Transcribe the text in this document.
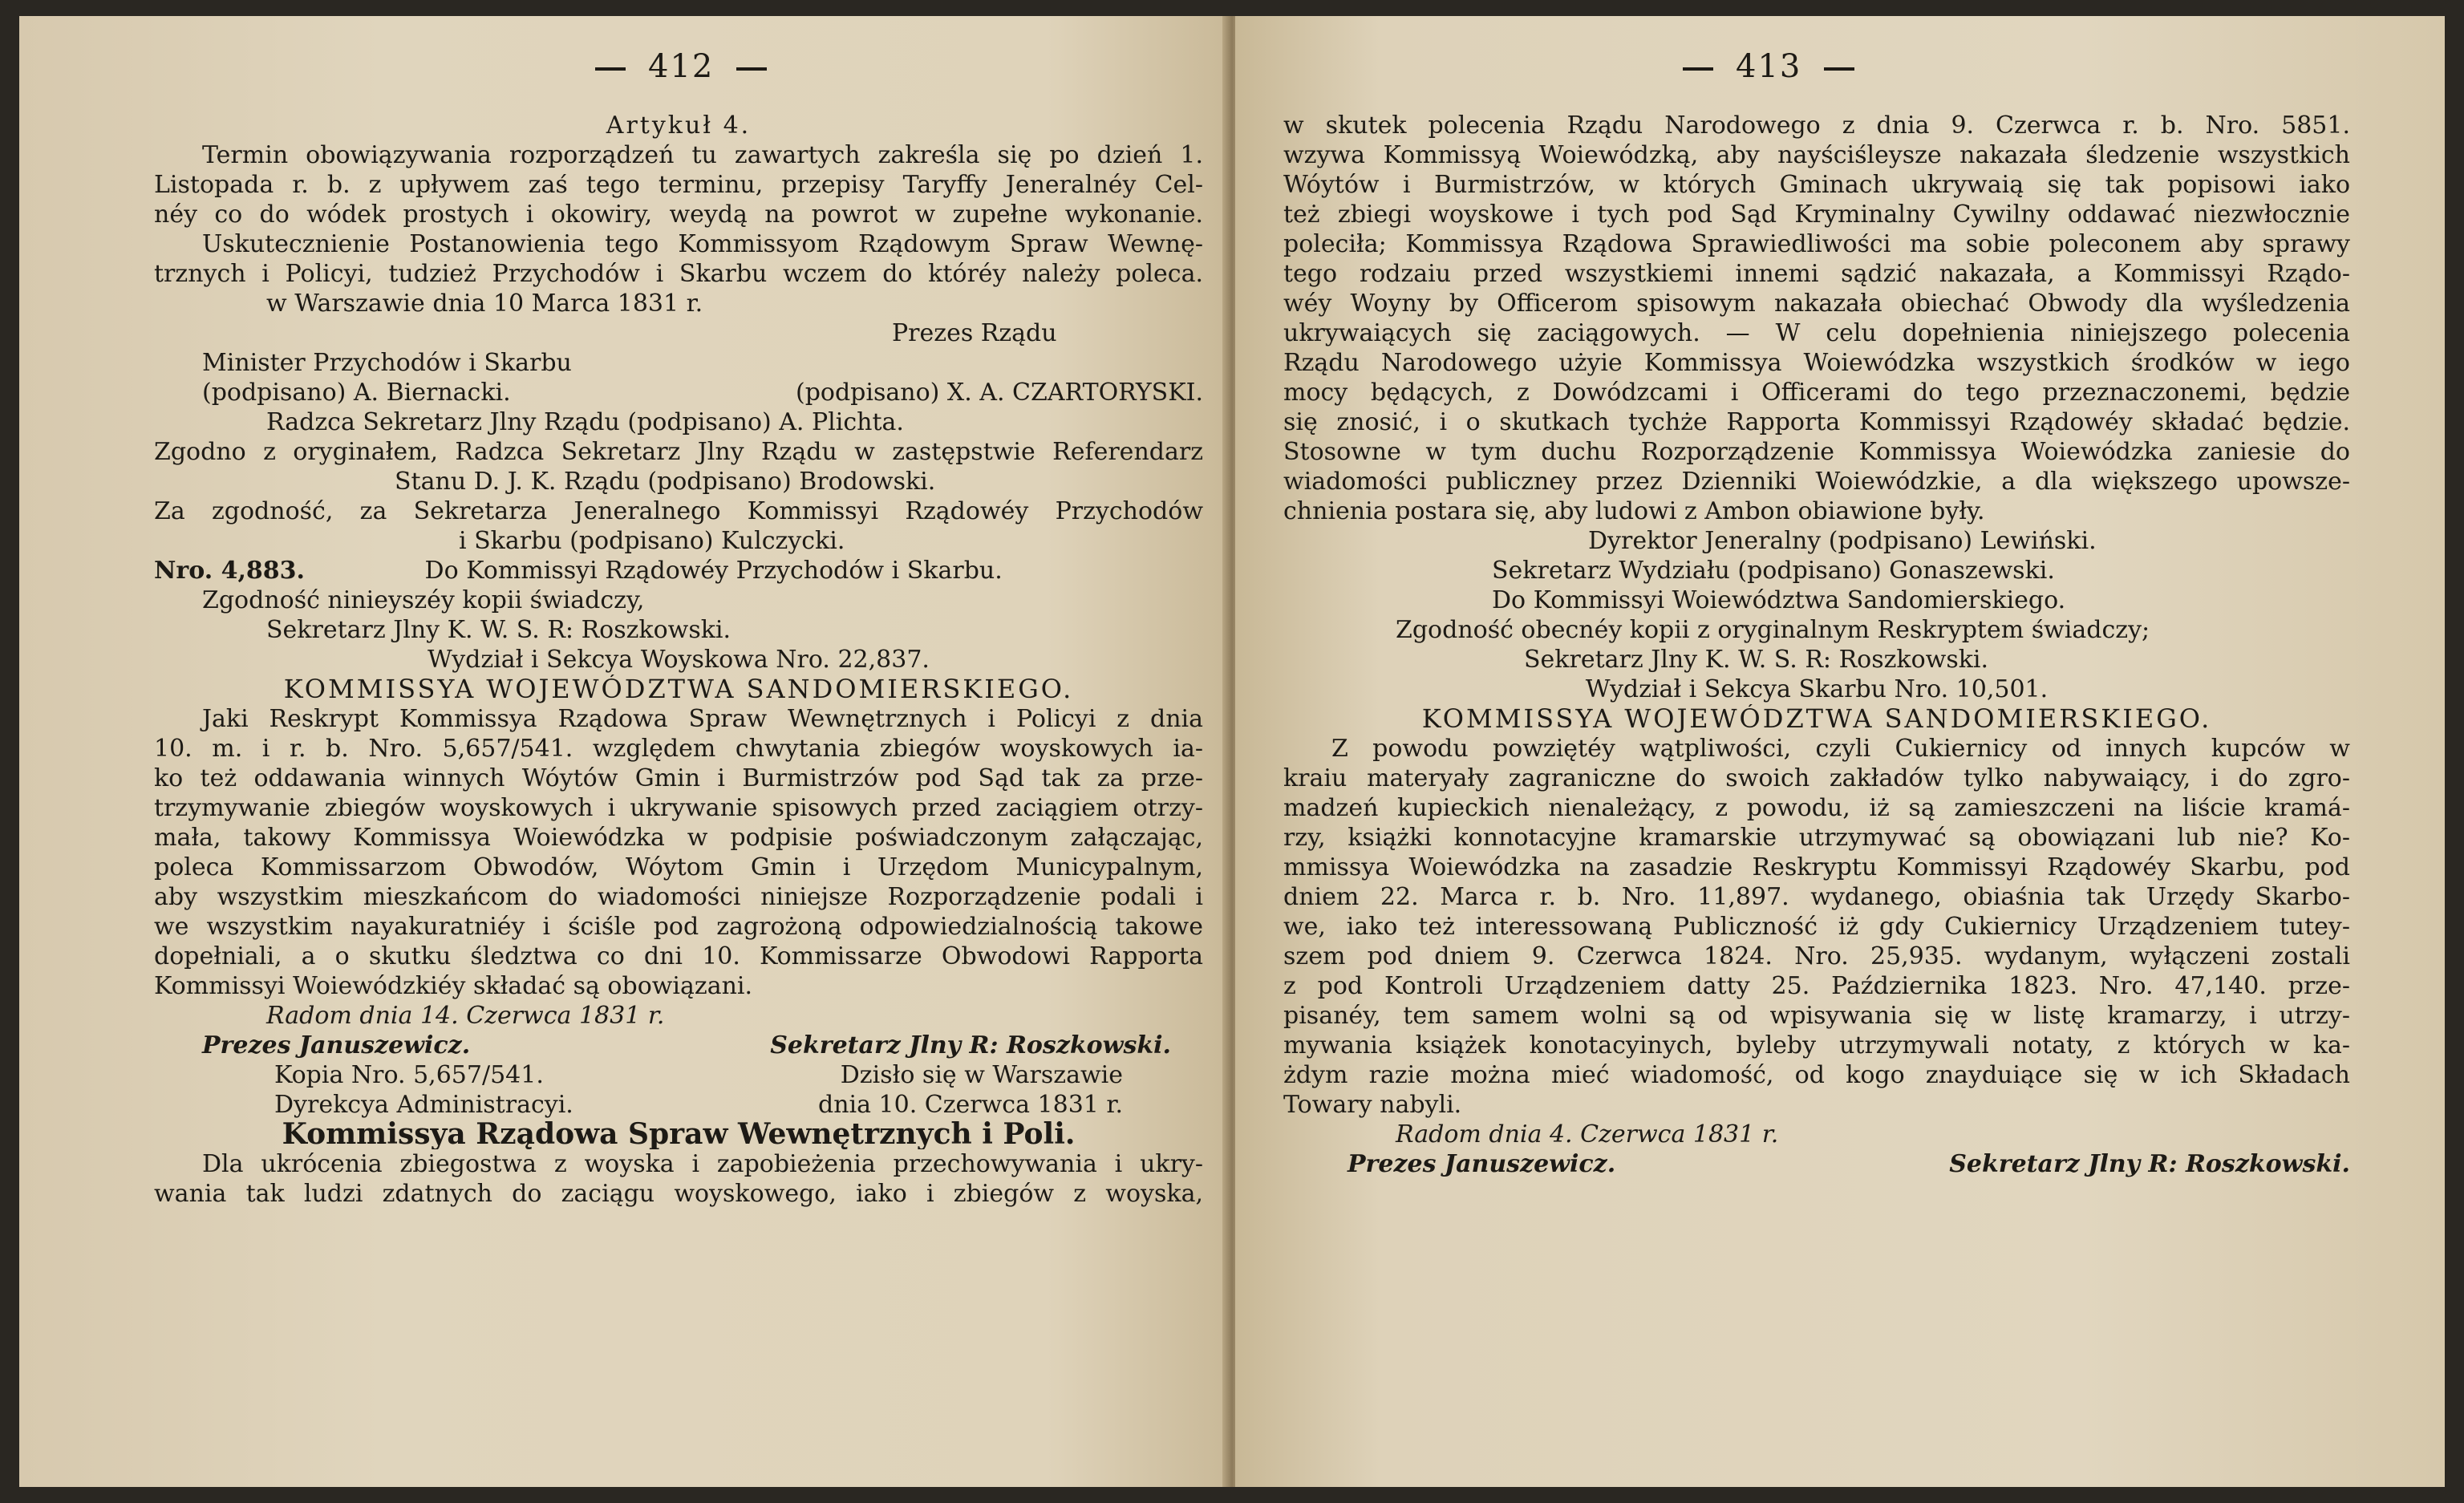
412
Artykuł 4.
Termin obowiązywania rozporządzeń tu zawartych zakreśla się po dzień 1.
Listopada r. b. z upływem zaś tego terminu, przepisy Taryffy Jeneralnéy Cel-
néy co do wódek prostych i okowiry, weydą na powrot w zupełne wykonanie.
Uskutecznienie Postanowienia tego Kommissyom Rządowym Spraw Wewnę-
trznych i Policyi, tudzież Przychodów i Skarbu wczem do któréy należy poleca.
w Warszawie dnia 10 Marca 1831 r.
Prezes Rządu
Minister Przychodów i Skarbu
(podpisano) A. Biernacki.	(podpisano) X. A. CZARTORYSKI.
Radzca Sekretarz Jlny Rządu (podpisano) A. Plichta.
Zgodno z oryginałem, Radzca Sekretarz Jlny Rządu w zastępstwie Referendarz
Stanu D. J. K. Rządu (podpisano) Brodowski.
Za zgodność, za Sekretarza Jeneralnego Kommissyi Rządowéy Przychodów
i Skarbu (podpisano) Kulczycki.
Nro. 4,883.	Do Kommissyi Rządowéy Przychodów i Skarbu.
Zgodność ninieyszéy kopii świadczy,
Sekretarz Jlny K. W. S. R: Roszkowski.
Wydział i Sekcya Woyskowa Nro. 22,837.
KOMMISSYA WOJEWÓDZTWA SANDOMIERSKIEGO.
Jaki Reskrypt Kommissya Rządowa Spraw Wewnętrznych i Policyi z dnia
10. m. i r. b. Nro. 5,657/541. względem chwytania zbiegów woyskowych ia-
ko też oddawania winnych Wóytów Gmin i Burmistrzów pod Sąd tak za prze-
trzymywanie zbiegów woyskowych i ukrywanie spisowych przed zaciągiem otrzy-
mała, takowy Kommissya Woiewódzka w podpisie poświadczonym załączając,
poleca Kommissarzom Obwodów, Wóytom Gmin i Urzędom Municypalnym,
aby wszystkim mieszkańcom do wiadomości niniejsze Rozporządzenie podali i
we wszystkim nayakuratniéy i ściśle pod zagrożoną odpowiedzialnością takowe
dopełniali, a o skutku śledztwa co dni 10. Kommissarze Obwodowi Rapporta
Kommissyi Woiewódzkiéy składać są obowiązani.
Radom dnia 14. Czerwca 1831 r.
Prezes Januszewicz.	Sekretarz Jlny R: Roszkowski.
Kopia Nro. 5,657/541.	Dzisło się w Warszawie
Dyrekcya Administracyi.	dnia 10. Czerwca 1831 r.
Kommissya Rządowa Spraw Wewnętrznych i Poli.
Dla ukrócenia zbiegostwa z woyska i zapobieżenia przechowywania i ukry-
wania tak ludzi zdatnych do zaciągu woyskowego, iako i zbiegów z woyska,
413
w skutek polecenia Rządu Narodowego z dnia 9. Czerwca r. b. Nro. 5851.
wzywa Kommissyą Woiewódzką, aby nayściśleysze nakazała śledzenie wszystkich
Wóytów i Burmistrzów, w których Gminach ukrywaią się tak popisowi iako
też zbiegi woyskowe i tych pod Sąd Kryminalny Cywilny oddawać niezwłocznie
poleciła; Kommissya Rządowa Sprawiedliwości ma sobie poleconem aby sprawy
tego rodzaiu przed wszystkiemi innemi sądzić nakazała, a Kommissyi Rządo-
wéy Woyny by Officerom spisowym nakazała obiechać Obwody dla wyśledzenia
ukrywaiących się zaciągowych. — W celu dopełnienia niniejszego polecenia
Rządu Narodowego użyie Kommissya Woiewódzka wszystkich środków w iego
mocy będących, z Dowódzcami i Officerami do tego przeznaczonemi, będzie
się znosić, i o skutkach tychże Rapporta Kommissyi Rządowéy składać będzie.
Stosowne w tym duchu Rozporządzenie Kommissya Woiewódzka zaniesie do
wiadomości publiczney przez Dzienniki Woiewódzkie, a dla większego upowsze-
chnienia postara się, aby ludowi z Ambon obiawione były.
Dyrektor Jeneralny (podpisano) Lewiński.
Sekretarz Wydziału (podpisano) Gonaszewski.
Do Kommissyi Woiewództwa Sandomierskiego.
Zgodność obecnéy kopii z oryginalnym Reskryptem świadczy;
Sekretarz Jlny K. W. S. R: Roszkowski.
Wydział i Sekcya Skarbu Nro. 10,501.
KOMMISSYA WOJEWÓDZTWA SANDOMIERSKIEGO.
Z powodu powziętéy wątpliwości, czyli Cukiernicy od innych kupców w
kraiu materyały zagraniczne do swoich zakładów tylko nabywaiący, i do zgro-
madzeń kupieckich nienależący, z powodu, iż są zamieszczeni na liście kramá-
rzy, książki konnotacyjne kramarskie utrzymywać są obowiązani lub nie? Ko-
mmissya Woiewódzka na zasadzie Reskryptu Kommissyi Rządowéy Skarbu, pod
dniem 22. Marca r. b. Nro. 11,897. wydanego, obiaśnia tak Urzędy Skarbo-
we, iako też interessowaną Publiczność iż gdy Cukiernicy Urządzeniem tutey-
szem pod dniem 9. Czerwca 1824. Nro. 25,935. wydanym, wyłączeni zostali
z pod Kontroli Urządzeniem datty 25. Października 1823. Nro. 47,140. prze-
pisanéy, tem samem wolni są od wpisywania się w listę kramarzy, i utrzy-
mywania książek konotacyinych, byleby utrzymywali notaty, z których w ka-
żdym razie można mieć wiadomość, od kogo znayduiące się w ich Składach
Towary nabyli.
Radom dnia 4. Czerwca 1831 r.
Prezes Januszewicz.	Sekretarz Jlny R: Roszkowski.
